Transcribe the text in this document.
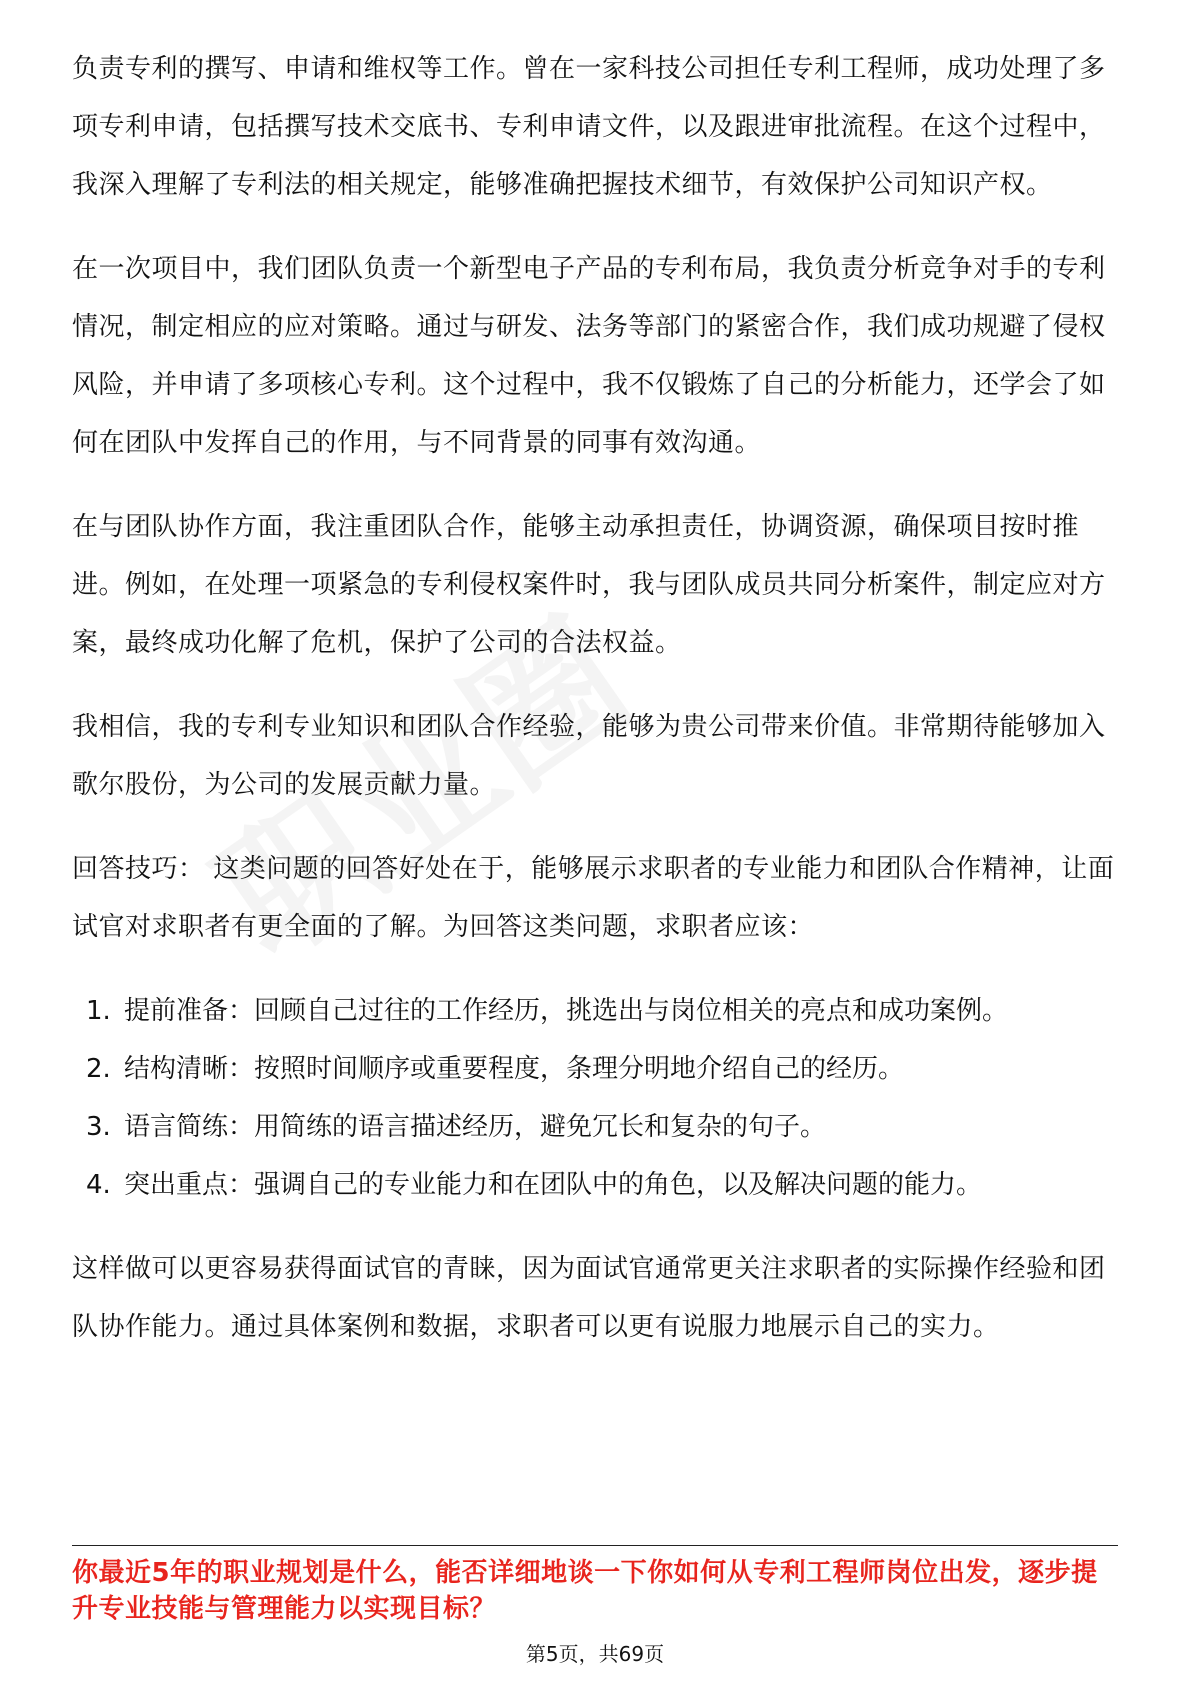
负责专利的撰写、申请和维权等工作。曾在一家科技公司担任专利工程师，成功处理了多项专利申请，包括撰写技术交底书、专利申请文件，以及跟进审批流程。在这个过程中，我深入理解了专利法的相关规定，能够准确把握技术细节，有效保护公司知识产权。

在一次项目中，我们团队负责一个新型电子产品的专利布局，我负责分析竞争对手的专利情况，制定相应的应对策略。通过与研发、法务等部门的紧密合作，我们成功规避了侵权风险，并申请了多项核心专利。这个过程中，我不仅锻炼了自己的分析能力，还学会了如何在团队中发挥自己的作用，与不同背景的同事有效沟通。

在与团队协作方面，我注重团队合作，能够主动承担责任，协调资源，确保项目按时推进。例如，在处理一项紧急的专利侵权案件时，我与团队成员共同分析案件，制定应对方案，最终成功化解了危机，保护了公司的合法权益。

我相信，我的专利专业知识和团队合作经验，能够为贵公司带来价值。非常期待能够加入歌尔股份，为公司的发展贡献力量。

回答技巧： 这类问题的回答好处在于，能够展示求职者的专业能力和团队合作精神，让面试官对求职者有更全面的了解。为回答这类问题，求职者应该：

1. 提前准备：回顾自己过往的工作经历，挑选出与岗位相关的亮点和成功案例。
2. 结构清晰：按照时间顺序或重要程度，条理分明地介绍自己的经历。
3. 语言简练：用简练的语言描述经历，避免冗长和复杂的句子。
4. 突出重点：强调自己的专业能力和在团队中的角色，以及解决问题的能力。

这样做可以更容易获得面试官的青睐，因为面试官通常更关注求职者的实际操作经验和团队协作能力。通过具体案例和数据，求职者可以更有说服力地展示自己的实力。

你最近5年的职业规划是什么，能否详细地谈一下你如何从专利工程师岗位出发，逐步提升专业技能与管理能力以实现目标？

第5页，共69页
